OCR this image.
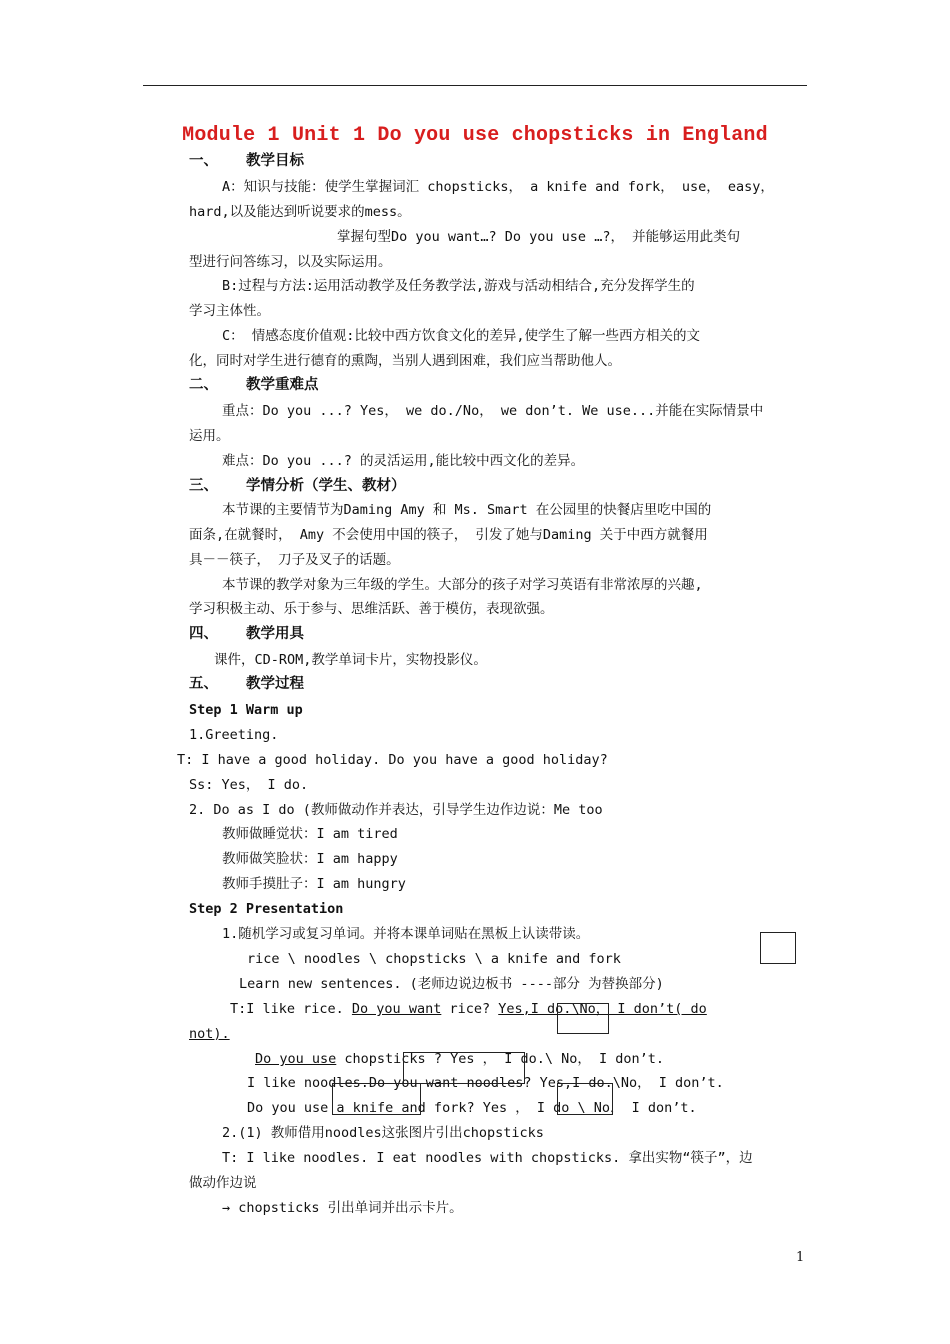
Module 1 Unit 1 Do you use chopsticks in England
一、 教学目标
A：知识与技能：使学生掌握词汇 chopsticks， a knife and fork， use， easy，
hard,以及能达到听说要求的mess。
掌握句型Do you want…? Do you use …?， 并能够运用此类句
型进行问答练习，以及实际运用。
B:过程与方法:运用活动教学及任务教学法,游戏与活动相结合,充分发挥学生的
学习主体性。
C： 情感态度价值观:比较中西方饮食文化的差异,使学生了解一些西方相关的文
化，同时对学生进行德育的熏陶，当别人遇到困难，我们应当帮助他人。
二、 教学重难点
重点：Do you ...? Yes， we do./No， we don’t. We use...并能在实际情景中
运用。
难点：Do you ...? 的灵活运用,能比较中西文化的差异。
三、 学情分析（学生、教材）
本节课的主要情节为Daming Amy 和 Ms. Smart 在公园里的快餐店里吃中国的
面条,在就餐时， Amy 不会使用中国的筷子， 引发了她与Daming 关于中西方就餐用
具－－筷子， 刀子及叉子的话题。
本节课的教学对象为三年级的学生。大部分的孩子对学习英语有非常浓厚的兴趣,
学习积极主动、乐于参与、思维活跃、善于模仿，表现欲强。
四、 教学用具
课件，CD-ROM,教学单词卡片，实物投影仪。
五、 教学过程
Step 1 Warm up
1.Greeting.
T: I have a good holiday. Do you have a good holiday?
Ss: Yes， I do.
2. Do as I do (教师做动作并表达，引导学生边作边说：Me too
教师做睡觉状：I am tired
教师做笑脸状：I am happy
教师手摸肚子：I am hungry
Step 2 Presentation
1.随机学习或复习单词。并将本课单词贴在黑板上认读带读。
rice \ noodles \ chopsticks \ a knife and fork
Learn new sentences. (老师边说边板书 ----部分 为替换部分)
T:I like rice. Do you want rice? Yes,I do.\No， I don’t( do
not).
Do you use chopsticks ? Yes ， I do.\ No， I don’t.
I like noodles.Do you want noodles? Yes,I do.\No， I don’t.
Do you use a knife and fork? Yes ， I do \ No， I don’t.
2.(1) 教师借用noodles这张图片引出chopsticks
T: I like noodles. I eat noodles with chopsticks. 拿出实物“筷子”，边
做动作边说
→ chopsticks 引出单词并出示卡片。
1
